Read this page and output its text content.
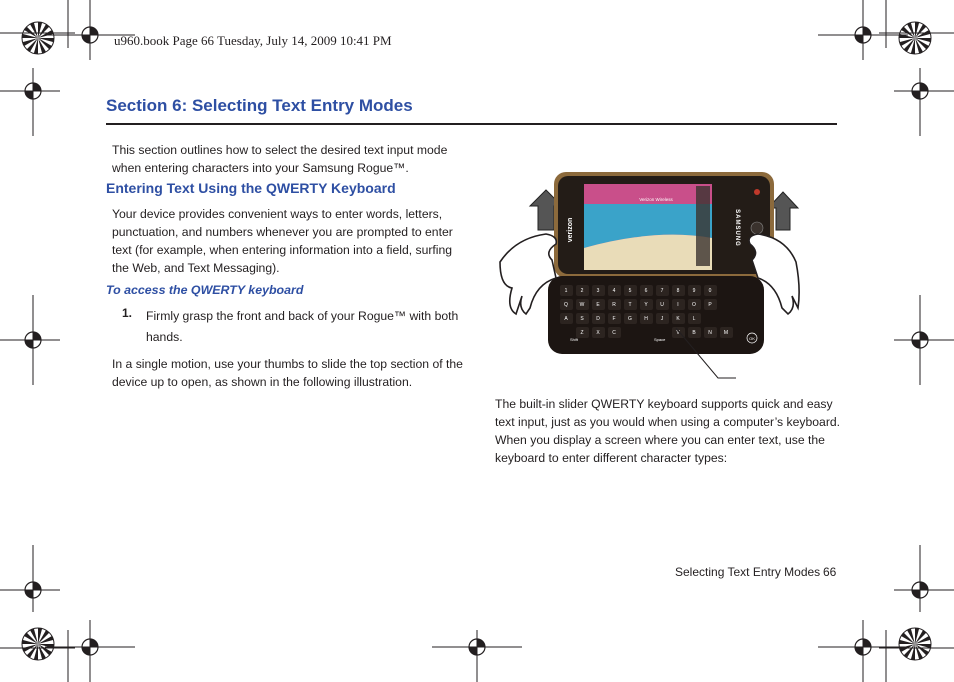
u960.book Page 66 Tuesday, July 14, 2009 10:41 PM
Section 6: Selecting Text Entry Modes
This section outlines how to select the desired text input mode
when entering characters into your Samsung Rogue™.
Entering Text Using the QWERTY Keyboard
Your device provides convenient ways to enter words, letters,
punctuation, and numbers whenever you are prompted to enter
text (for example, when entering information into a field, surfing
the Web, and Text Messaging).
To access the QWERTY keyboard
1. Firmly grasp the front and back of your Rogue™ with both
hands.
In a single motion, use your thumbs to slide the top section of the
device up to open, as shown in the following illustration.
Verizon Wireless
verizon	SAMSUNG
1	2	3	4	5	6	7	8	9	0
Q W E	R	T	Y	U	I	O P
A	S	D	F	G H	J	K	L
Z	X	C	V	B	N M
Shift	Space	OK
The built-in slider QWERTY keyboard supports quick and easy
text input, just as you would when using a computer’s keyboard.
When you display a screen where you can enter text, use the
keyboard to enter different character types:
Selecting Text Entry Modes 66
